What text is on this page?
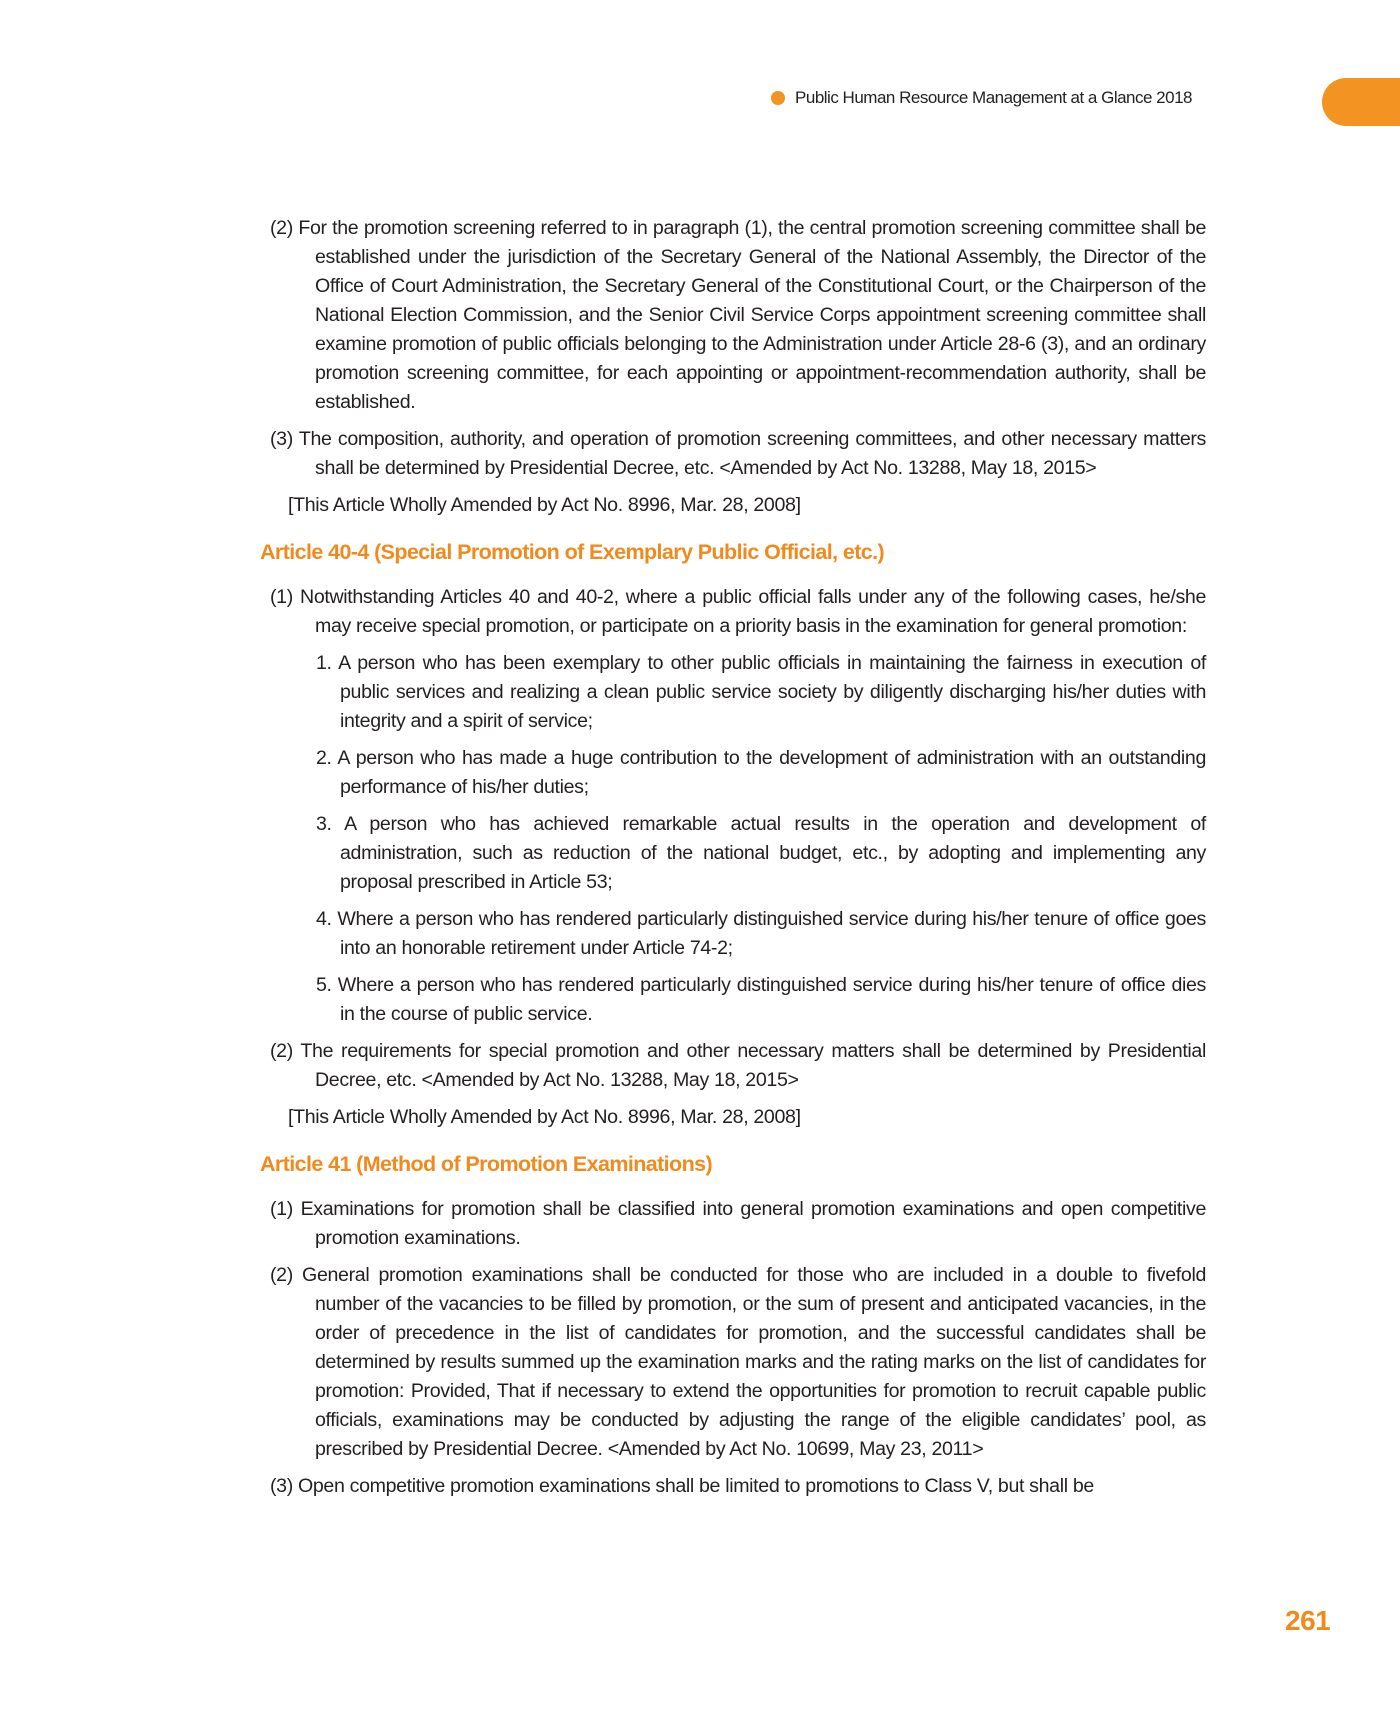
Public Human Resource Management at a Glance 2018

(2) For the promotion screening referred to in paragraph (1), the central promotion screening committee shall be established under the jurisdiction of the Secretary General of the National Assembly, the Director of the Office of Court Administration, the Secretary General of the Constitutional Court, or the Chairperson of the National Election Commission, and the Senior Civil Service Corps appointment screening committee shall examine promotion of public officials belonging to the Administration under Article 28-6 (3), and an ordinary promotion screening committee, for each appointing or appointment-recommendation authority, shall be established.

(3) The composition, authority, and operation of promotion screening committees, and other necessary matters shall be determined by Presidential Decree, etc. <Amended by Act No. 13288, May 18, 2015>

[This Article Wholly Amended by Act No. 8996, Mar. 28, 2008]

Article 40-4 (Special Promotion of Exemplary Public Official, etc.)

(1) Notwithstanding Articles 40 and 40-2, where a public official falls under any of the following cases, he/she may receive special promotion, or participate on a priority basis in the examination for general promotion:

1. A person who has been exemplary to other public officials in maintaining the fairness in execution of public services and realizing a clean public service society by diligently discharging his/her duties with integrity and a spirit of service;

2. A person who has made a huge contribution to the development of administration with an outstanding performance of his/her duties;

3. A person who has achieved remarkable actual results in the operation and development of administration, such as reduction of the national budget, etc., by adopting and implementing any proposal prescribed in Article 53;

4. Where a person who has rendered particularly distinguished service during his/her tenure of office goes into an honorable retirement under Article 74-2;

5. Where a person who has rendered particularly distinguished service during his/her tenure of office dies in the course of public service.

(2) The requirements for special promotion and other necessary matters shall be determined by Presidential Decree, etc. <Amended by Act No. 13288, May 18, 2015>

[This Article Wholly Amended by Act No. 8996, Mar. 28, 2008]

Article 41 (Method of Promotion Examinations)

(1) Examinations for promotion shall be classified into general promotion examinations and open competitive promotion examinations.

(2) General promotion examinations shall be conducted for those who are included in a double to fivefold number of the vacancies to be filled by promotion, or the sum of present and anticipated vacancies, in the order of precedence in the list of candidates for promotion, and the successful candidates shall be determined by results summed up the examination marks and the rating marks on the list of candidates for promotion: Provided, That if necessary to extend the opportunities for promotion to recruit capable public officials, examinations may be conducted by adjusting the range of the eligible candidates’ pool, as prescribed by Presidential Decree. <Amended by Act No. 10699, May 23, 2011>

(3) Open competitive promotion examinations shall be limited to promotions to Class V, but shall be

261
